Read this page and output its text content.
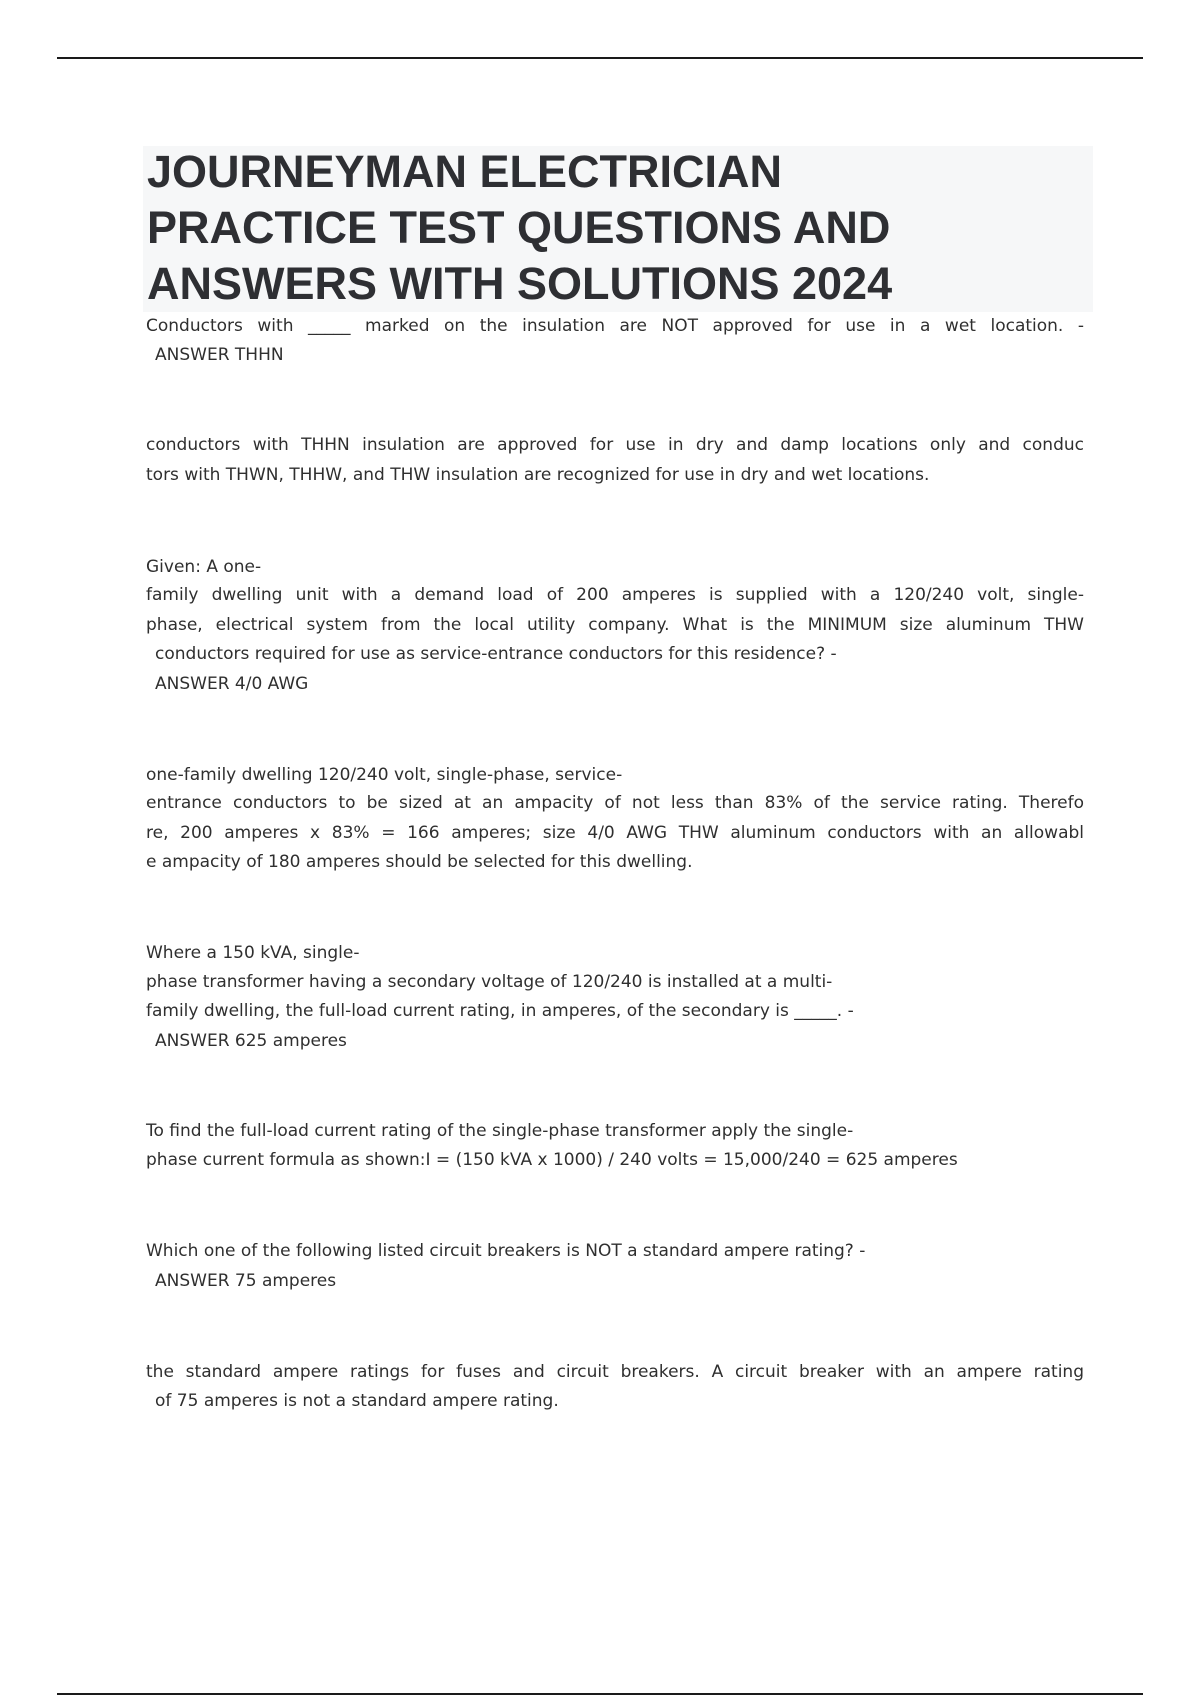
JOURNEYMAN ELECTRICIAN
PRACTICE TEST QUESTIONS AND
ANSWERS WITH SOLUTIONS 2024
Conductors with _____ marked on the insulation are NOT approved for use in a wet location. -
ANSWER THHN
conductors with THHN insulation are approved for use in dry and damp locations only and conduc
tors with THWN, THHW, and THW insulation are recognized for use in dry and wet locations.
Given: A one-
family dwelling unit with a demand load of 200 amperes is supplied with a 120/240 volt, single-
phase, electrical system from the local utility company. What is the MINIMUM size aluminum THW
conductors required for use as service-entrance conductors for this residence? -
ANSWER 4/0 AWG
one-family dwelling 120/240 volt, single-phase, service-
entrance conductors to be sized at an ampacity of not less than 83% of the service rating. Therefo
re, 200 amperes x 83% = 166 amperes; size 4/0 AWG THW aluminum conductors with an allowabl
e ampacity of 180 amperes should be selected for this dwelling.
Where a 150 kVA, single-
phase transformer having a secondary voltage of 120/240 is installed at a multi-
family dwelling, the full-load current rating, in amperes, of the secondary is _____. -
ANSWER 625 amperes
To find the full-load current rating of the single-phase transformer apply the single-
phase current formula as shown:I = (150 kVA x 1000) / 240 volts = 15,000/240 = 625 amperes
Which one of the following listed circuit breakers is NOT a standard ampere rating? -
ANSWER 75 amperes
the standard ampere ratings for fuses and circuit breakers. A circuit breaker with an ampere rating
of 75 amperes is not a standard ampere rating.
